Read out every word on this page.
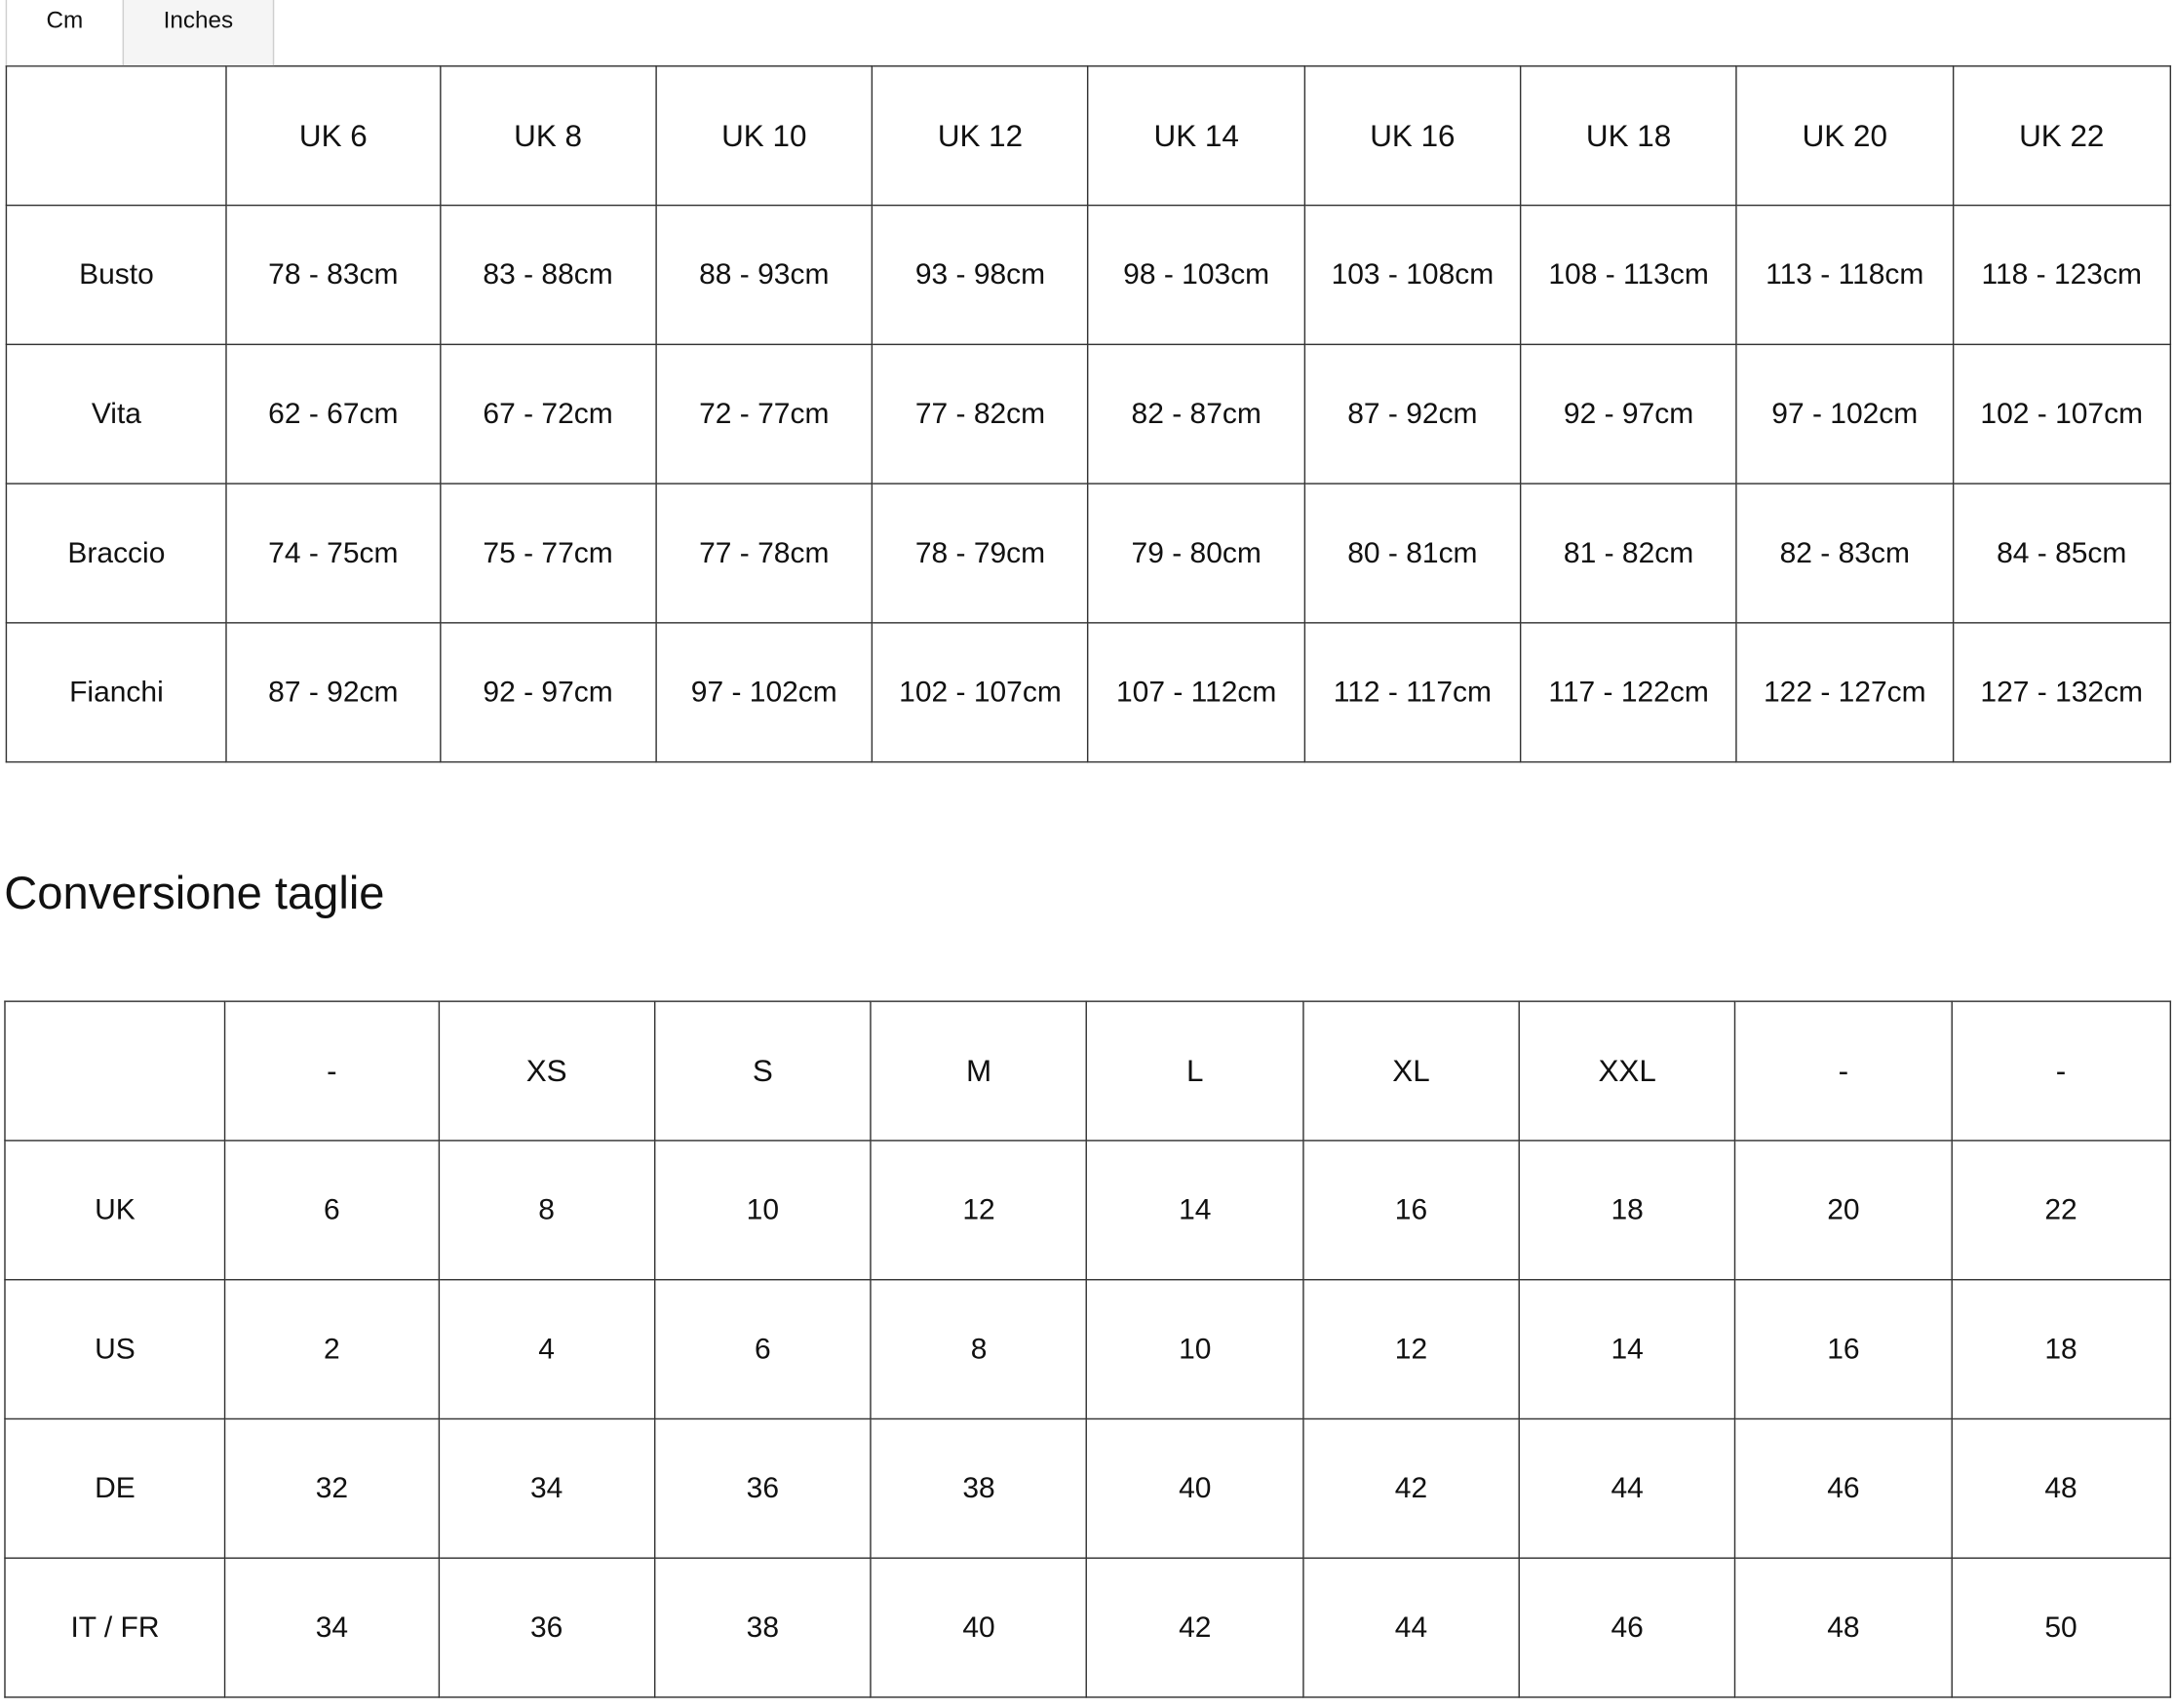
Cm	Inches
	UK 6	UK 8	UK 10	UK 12	UK 14	UK 16	UK 18	UK 20	UK 22
Busto	78 - 83cm	83 - 88cm	88 - 93cm	93 - 98cm	98 - 103cm	103 - 108cm	108 - 113cm	113 - 118cm	118 - 123cm
Vita	62 - 67cm	67 - 72cm	72 - 77cm	77 - 82cm	82 - 87cm	87 - 92cm	92 - 97cm	97 - 102cm	102 - 107cm
Braccio	74 - 75cm	75 - 77cm	77 - 78cm	78 - 79cm	79 - 80cm	80 - 81cm	81 - 82cm	82 - 83cm	84 - 85cm
Fianchi	87 - 92cm	92 - 97cm	97 - 102cm	102 - 107cm	107 - 112cm	112 - 117cm	117 - 122cm	122 - 127cm	127 - 132cm
Conversione taglie
	-	XS	S	M	L	XL	XXL	-	-
UK	6	8	10	12	14	16	18	20	22
US	2	4	6	8	10	12	14	16	18
DE	32	34	36	38	40	42	44	46	48
IT / FR	34	36	38	40	42	44	46	48	50
